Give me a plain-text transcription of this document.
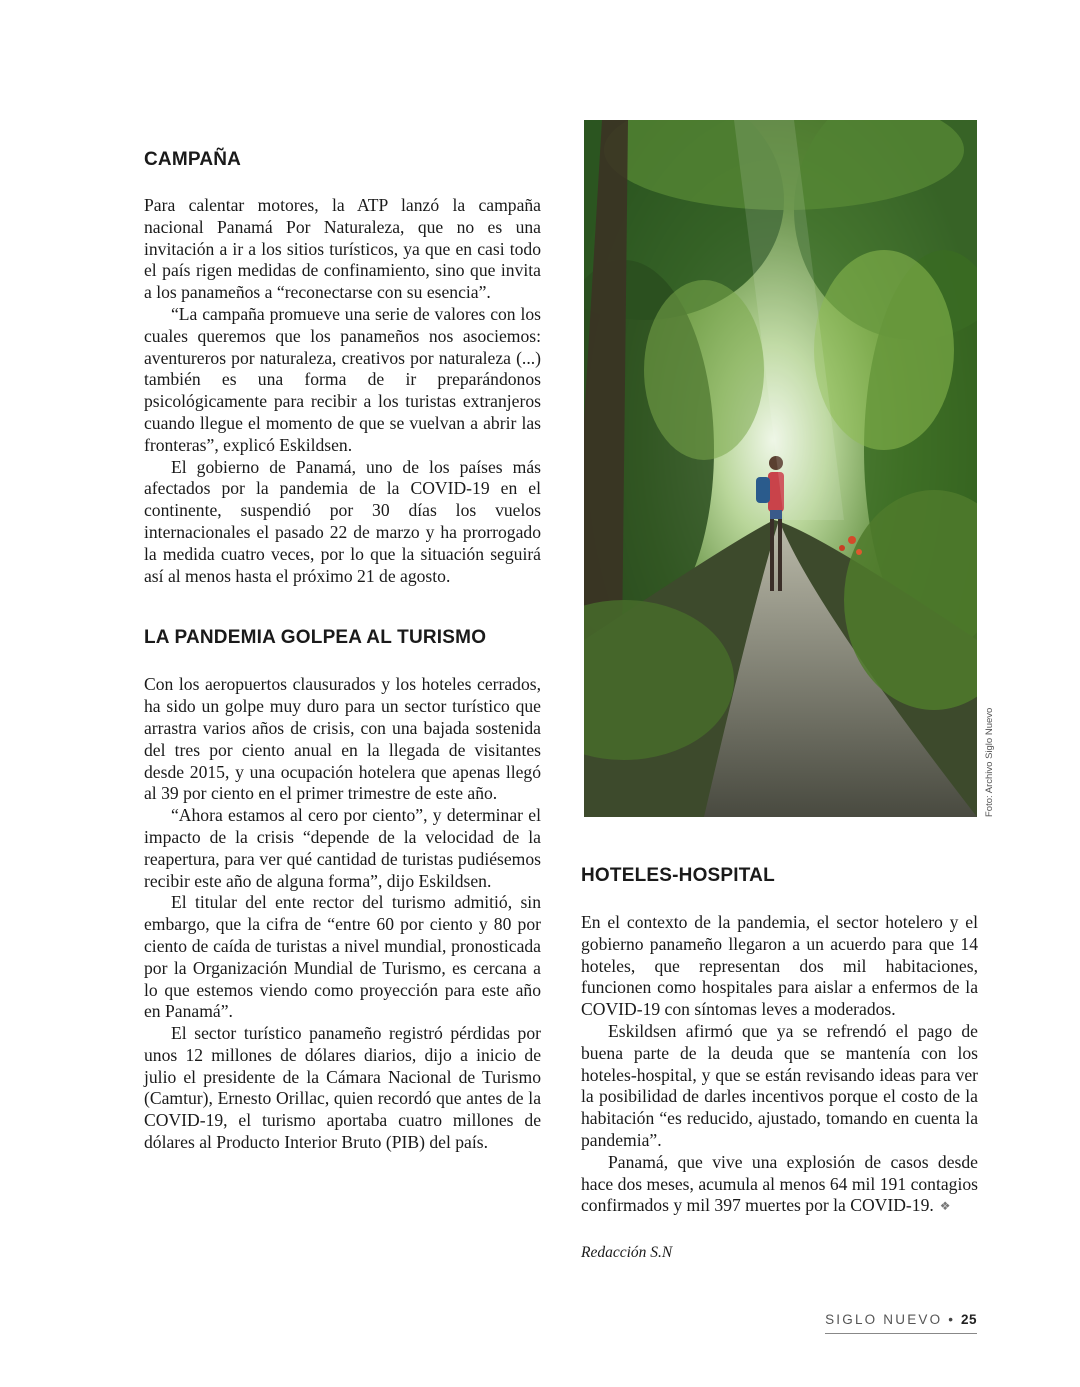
CAMPAÑA

Para calentar motores, la ATP lanzó la campaña nacional Panamá Por Naturaleza, que no es una invitación a ir a los sitios turísticos, ya que en casi todo el país rigen medidas de confinamiento, sino que invita a los panameños a “reconectarse con su esencia”.

“La campaña promueve una serie de valores con los cuales queremos que los panameños nos asociemos: aventureros por naturaleza, creativos por naturaleza (...) también es una forma de ir preparándonos psicológicamente para recibir a los turistas extranjeros cuando llegue el momento de que se vuelvan a abrir las fronteras”, explicó Eskildsen.

El gobierno de Panamá, uno de los países más afectados por la pandemia de la COVID-19 en el continente, suspendió por 30 días los vuelos internacionales el pasado 22 de marzo y ha prorrogado la medida cuatro veces, por lo que la situación seguirá así al menos hasta el próximo 21 de agosto.

LA PANDEMIA GOLPEA AL TURISMO

Con los aeropuertos clausurados y los hoteles cerrados, ha sido un golpe muy duro para un sector turístico que arrastra varios años de crisis, con una bajada sostenida del tres por ciento anual en la llegada de visitantes desde 2015, y una ocupación hotelera que apenas llegó al 39 por ciento en el primer trimestre de este año.

“Ahora estamos al cero por ciento”, y determinar el impacto de la crisis “depende de la velocidad de la reapertura, para ver qué cantidad de turistas pudiésemos recibir este año de alguna forma”, dijo Eskildsen.

El titular del ente rector del turismo admitió, sin embargo, que la cifra de “entre 60 por ciento y 80 por ciento de caída de turistas a nivel mundial, pronosticada por la Organización Mundial de Turismo, es cercana a lo que estemos viendo como proyección para este año en Panamá”.

El sector turístico panameño registró pérdidas por unos 12 millones de dólares diarios, dijo a inicio de julio el presidente de la Cámara Nacional de Turismo (Camtur), Ernesto Orillac, quien recordó que antes de la COVID-19, el turismo aportaba cuatro millones de dólares al Producto Interior Bruto (PIB) del país.

Foto: Archivo Siglo Nuevo
HOTELES-HOSPITAL

En el contexto de la pandemia, el sector hotelero y el gobierno panameño llegaron a un acuerdo para que 14 hoteles, que representan dos mil habitaciones, funcionen como hospitales para aislar a enfermos de la COVID-19 con síntomas leves a moderados.

Eskildsen afirmó que ya se refrendó el pago de buena parte de la deuda que se mantenía con los hoteles-hospital, y que se están revisando ideas para ver la posibilidad de darles incentivos porque el costo de la habitación “es reducido, ajustado, tomando en cuenta la pandemia”.

Panamá, que vive una explosión de casos desde hace dos meses, acumula al menos 64 mil 191 contagios confirmados y mil 397 muertes por la COVID-19. ❖

Redacción S.N
SIGLO NUEVO • 25
